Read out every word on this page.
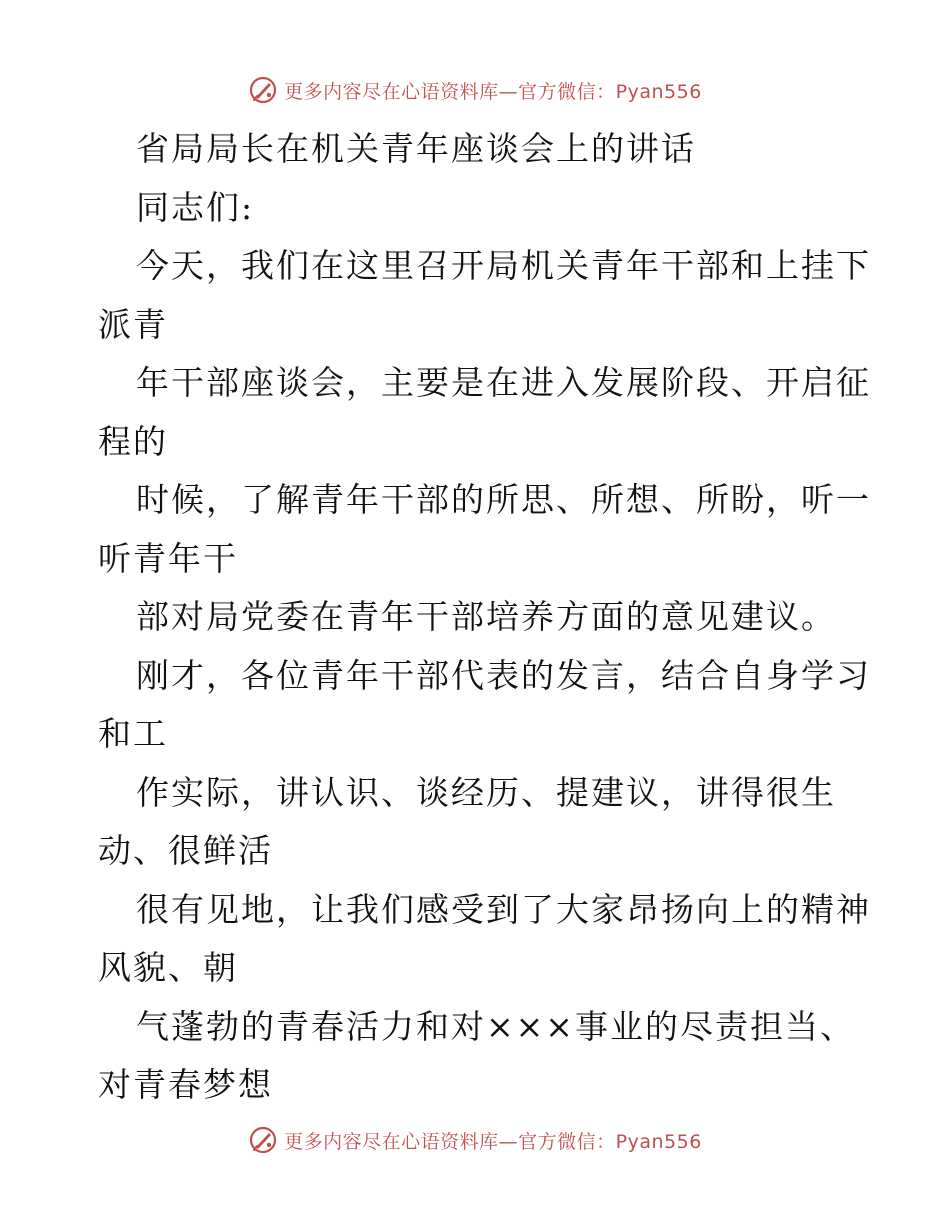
更多内容尽在心语资料库—官方微信：Pyan556
省局局长在机关青年座谈会上的讲话
同志们:
今天，我们在这里召开局机关青年干部和上挂下
派青
年干部座谈会，主要是在进入发展阶段、开启征
程的
时候，了解青年干部的所思、所想、所盼，听一
听青年干
部对局党委在青年干部培养方面的意见建议。
刚才，各位青年干部代表的发言，结合自身学习
和工
作实际，讲认识、谈经历、提建议，讲得很生
动、很鲜活
很有见地，让我们感受到了大家昂扬向上的精神
风貌、朝
气蓬勃的青春活力和对×××事业的尽责担当、
对青春梦想
更多内容尽在心语资料库—官方微信：Pyan556
